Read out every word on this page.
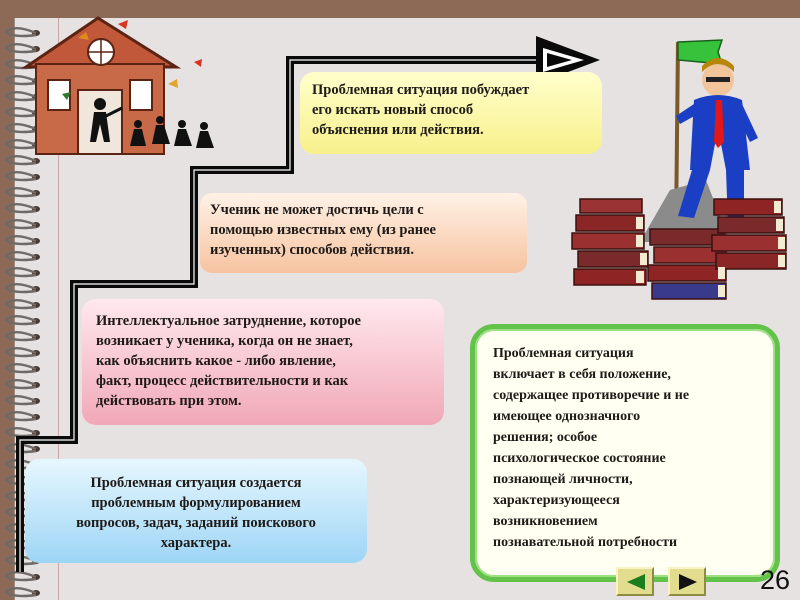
Проблемная ситуация побуждает
его искать новый способ
объяснения или действия.
Ученик не может достичь цели с
помощью известных ему (из ранее
изученных) способов действия.
Интеллектуальное затруднение, которое
возникает у ученика, когда он не знает,
как объяснить какое - либо явление,
факт, процесс действительности и как
действовать при этом.
Проблемная ситуация создается
проблемным формулированием
вопросов, задач, заданий поискового
характера.
Проблемная ситуация
включает в себя положение,
содержащее противоречие и не
имеющее однозначного
решения; особое
психологическое состояние
познающей личности,
характеризующееся
возникновением
познавательной потребности
26
